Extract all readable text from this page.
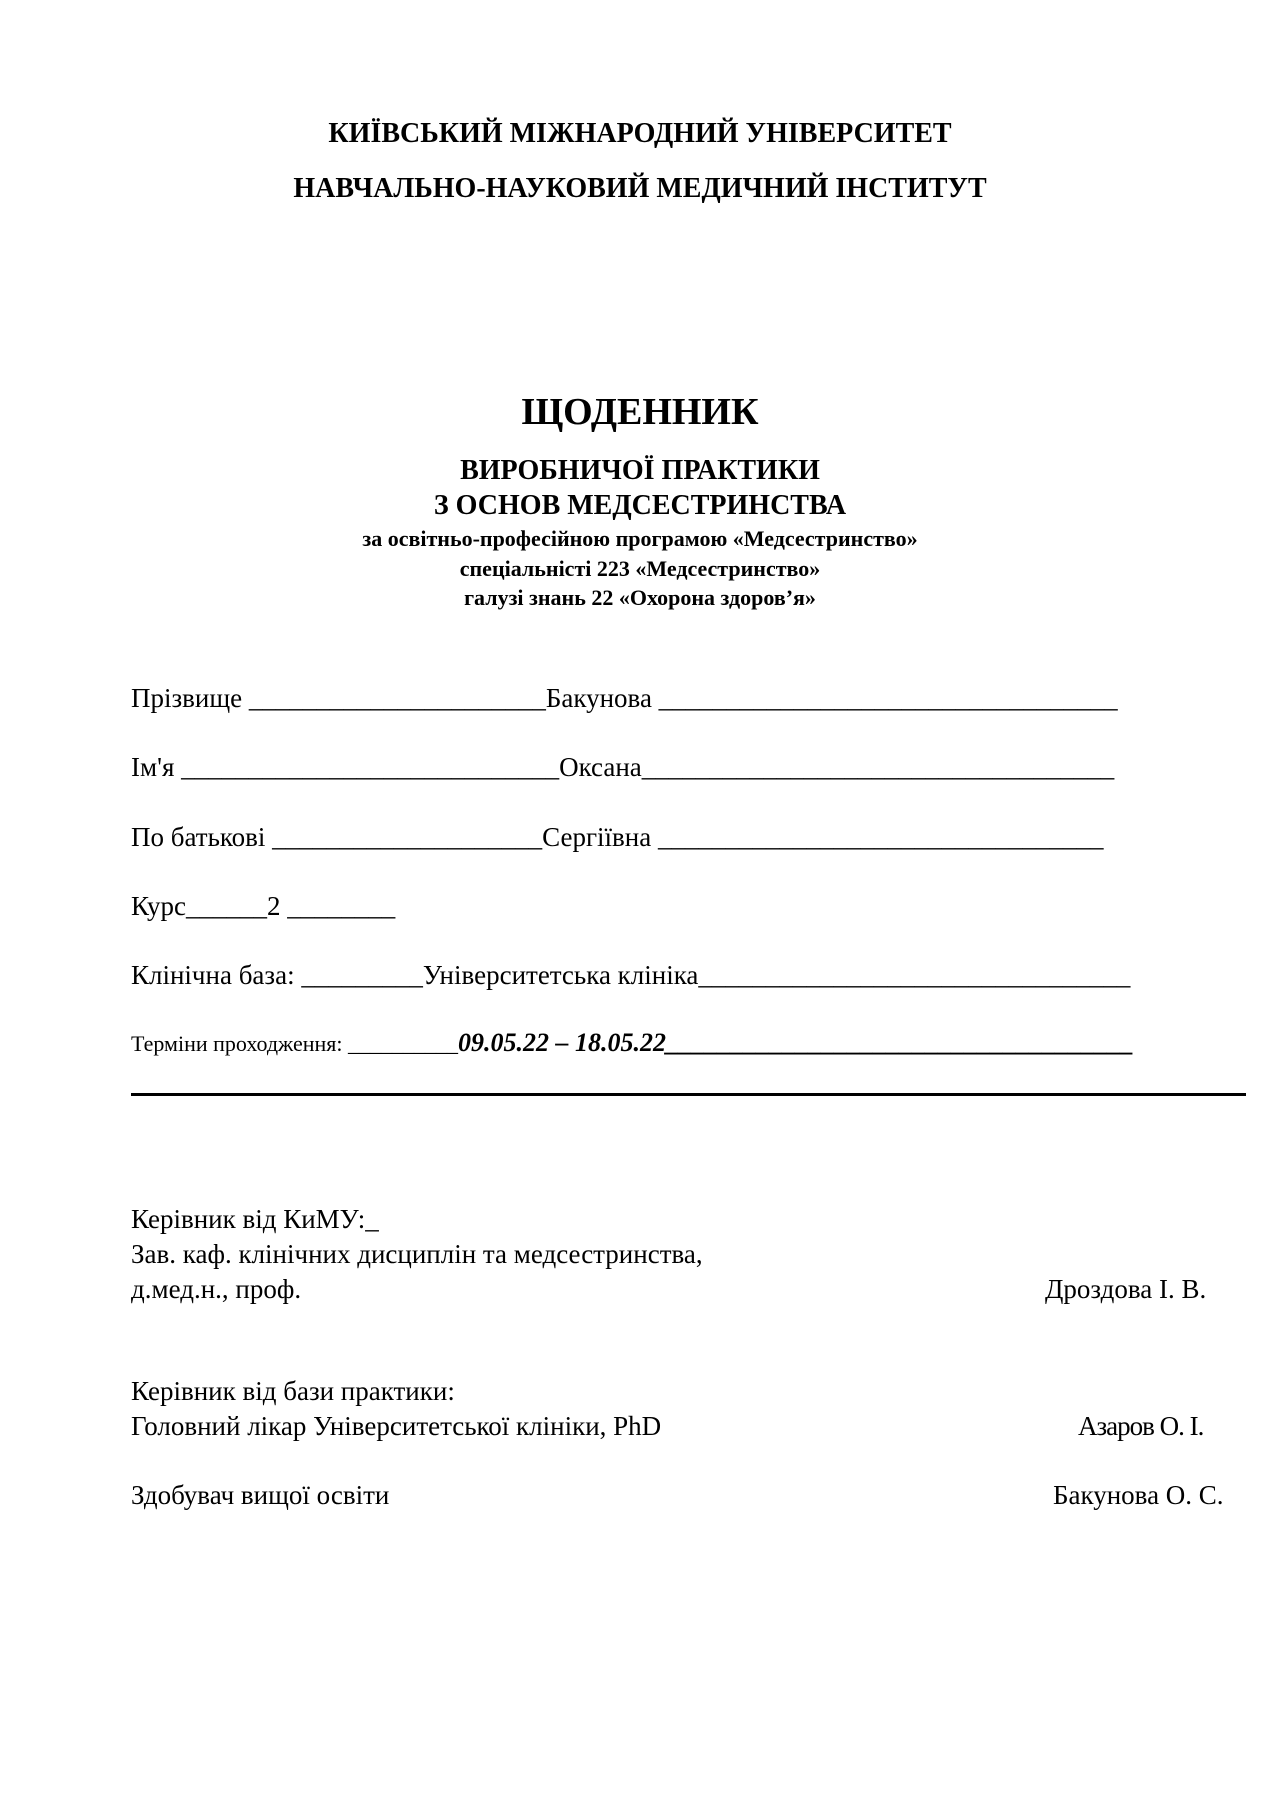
КИЇВСЬКИЙ МІЖНАРОДНИЙ УНІВЕРСИТЕТ
НАВЧАЛЬНО-НАУКОВИЙ МЕДИЧНИЙ ІНСТИТУТ
ЩОДЕННИК
ВИРОБНИЧОЇ ПРАКТИКИ
З ОСНОВ МЕДСЕСТРИНСТВА
за освітньо-професійною програмою «Медсестринство»
спеціальністі 223 «Медсестринство»
галузі знань 22 «Охорона здоров’я»
Прізвище ______________________Бакунова __________________________________
Ім'я ____________________________Оксана___________________________________
По батькові ____________________Сергіївна _________________________________
Курс______2 ________
Клінічна база: _________Університетська клініка________________________________
Терміни проходження: __________09.05.22 – 18.05.22____________________________________
Керівник від КиМУ:_
Зав. каф. клінічних дисциплін та медсестринства,
д.мед.н., проф.	Дроздова І. В.
Керівник від бази практики:
Головний лікар Університетської клініки, PhD	Азаров О. І.
Здобувач вищої освіти	Бакунова О. С.
